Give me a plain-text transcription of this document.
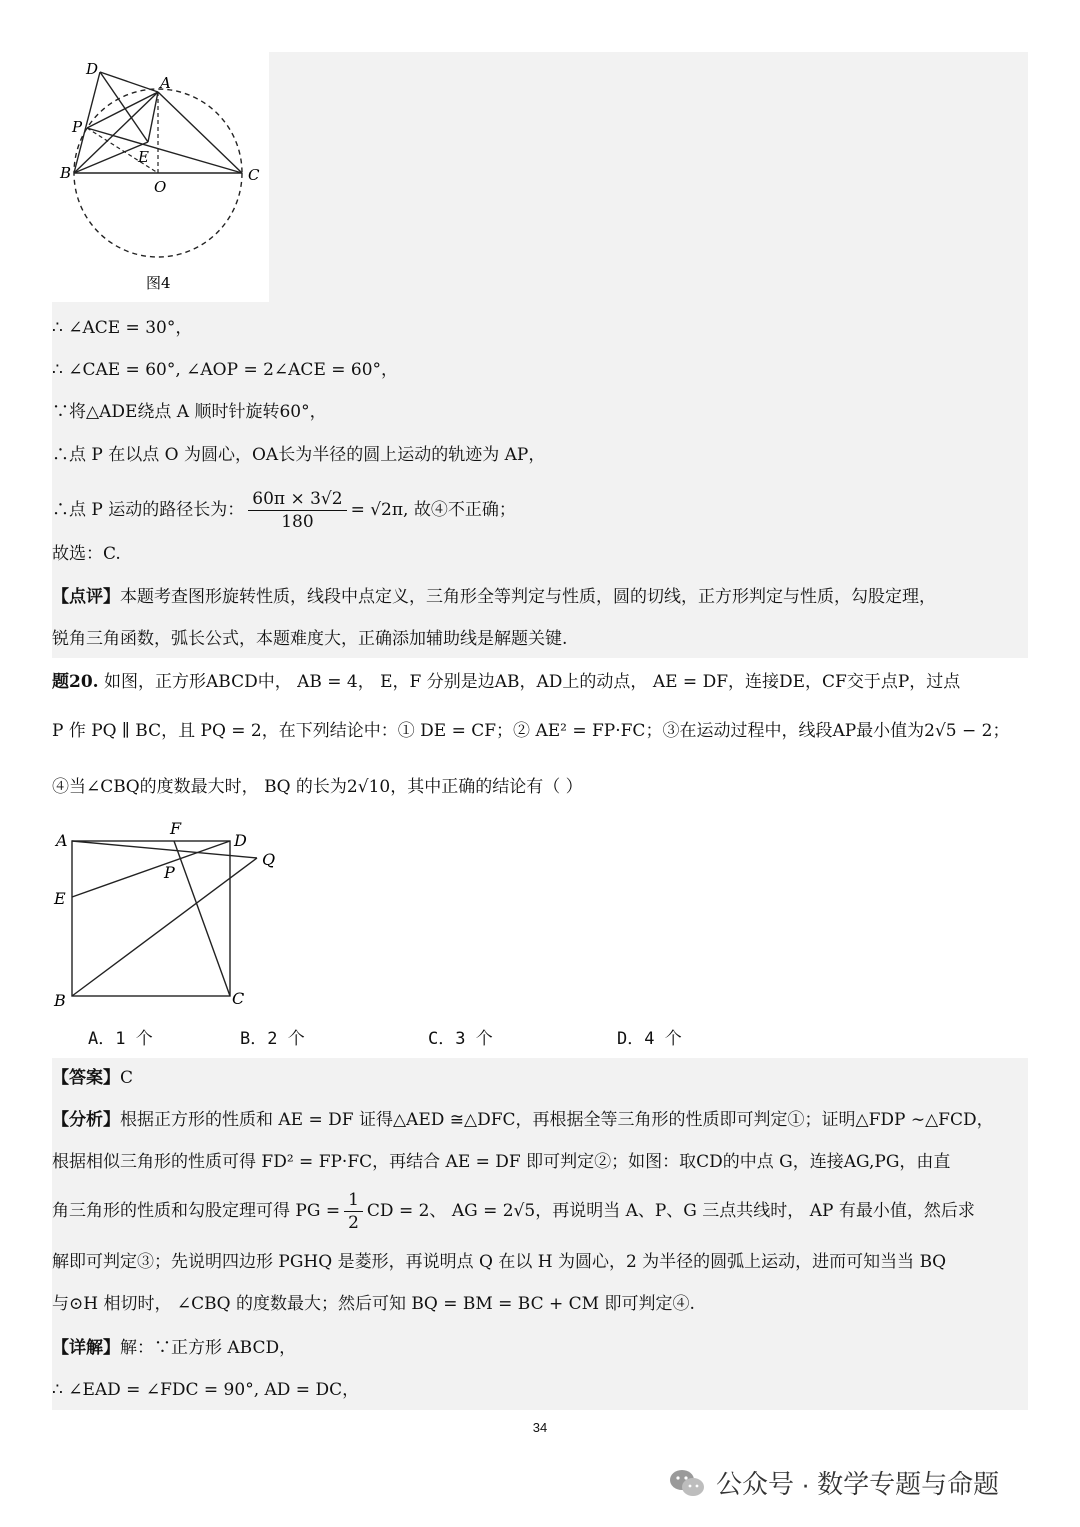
D
A
P
E
B
O
C
图4
∴ ∠ACE = 30°，
∴ ∠CAE = 60°, ∠AOP = 2∠ACE = 60°，
∵将△ADE绕点 A 顺时针旋转60°，
∴点 P 在以点 O 为圆心，OA长为半径的圆上运动的轨迹为 AP，
∴点 P 运动的路径长为： $\frac{60\pi \times 3√2}{180} = √2\pi$, 故④不正确；
故选：C.
【点评】本题考查图形旋转性质，线段中点定义，三角形全等判定与性质，圆的切线，正方形判定与性质，勾股定理，
锐角三角函数，弧长公式，本题难度大，正确添加辅助线是解题关键.
题20. 如图，正方形ABCD中， AB = 4， E，F 分别是边AB，AD上的动点， AE = DF，连接DE，CF交于点P，过点
P 作 PQ ∥ BC，且 PQ = 2，在下列结论中：① DE = CF；② AE² = FP·FC；③在运动过程中，线段AP最小值为2√5 − 2；
④当∠CBQ的度数最大时， BQ 的长为2√10，其中正确的结论有（ ）
A
F
D
Q
P
E
B	C
A．1 个	B．2 个	C．3 个	D．4 个
【答案】C
【分析】根据正方形的性质和 AE = DF 证得△AED ≅△DFC，再根据全等三角形的性质即可判定①；证明△FDP ∼△FCD，
根据相似三角形的性质可得 FD² = FP·FC，再结合 AE = DF 即可判定②；如图：取CD的中点 G，连接AG,PG，由直
角三角形的性质和勾股定理可得 PG = $\frac{1}{2}$ CD = 2、 AG = 2√5，再说明当 A、P、G 三点共线时， AP 有最小值，然后求
解即可判定③；先说明四边形 PGHQ 是菱形，再说明点 Q 在以 H 为圆心，2 为半径的圆弧上运动，进而可知当当 BQ
与⊙H 相切时， ∠CBQ 的度数最大；然后可知 BQ = BM = BC + CM 即可判定④.
【详解】解：∵正方形 ABCD，
∴ ∠EAD = ∠FDC = 90°, AD = DC，
34
公众号 · 数学专题与命题
